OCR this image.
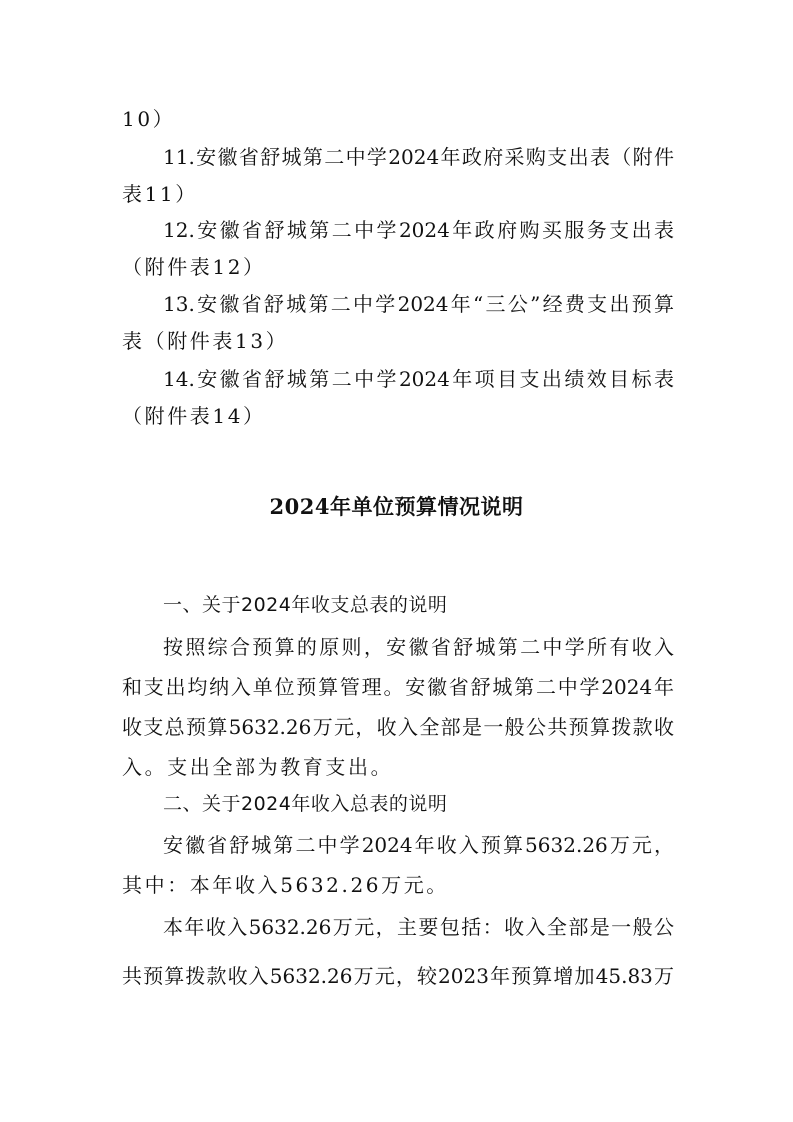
10）
11.安徽省舒城第二中学2024年政府采购支出表（附件
表11）
12.安徽省舒城第二中学2024年政府购买服务支出表
（附件表12）
13.安徽省舒城第二中学2024年“三公”经费支出预算
表（附件表13）
14.安徽省舒城第二中学2024年项目支出绩效目标表
（附件表14）
2024年单位预算情况说明
一、关于2024年收支总表的说明
按照综合预算的原则，安徽省舒城第二中学所有收入
和支出均纳入单位预算管理。安徽省舒城第二中学2024年
收支总预算5632.26万元，收入全部是一般公共预算拨款收
入。支出全部为教育支出。
二、关于2024年收入总表的说明
安徽省舒城第二中学2024年收入预算5632.26万元，
其中：本年收入5632.26万元。
本年收入5632.26万元，主要包括：收入全部是一般公
共预算拨款收入5632.26万元，较2023年预算增加45.83万
